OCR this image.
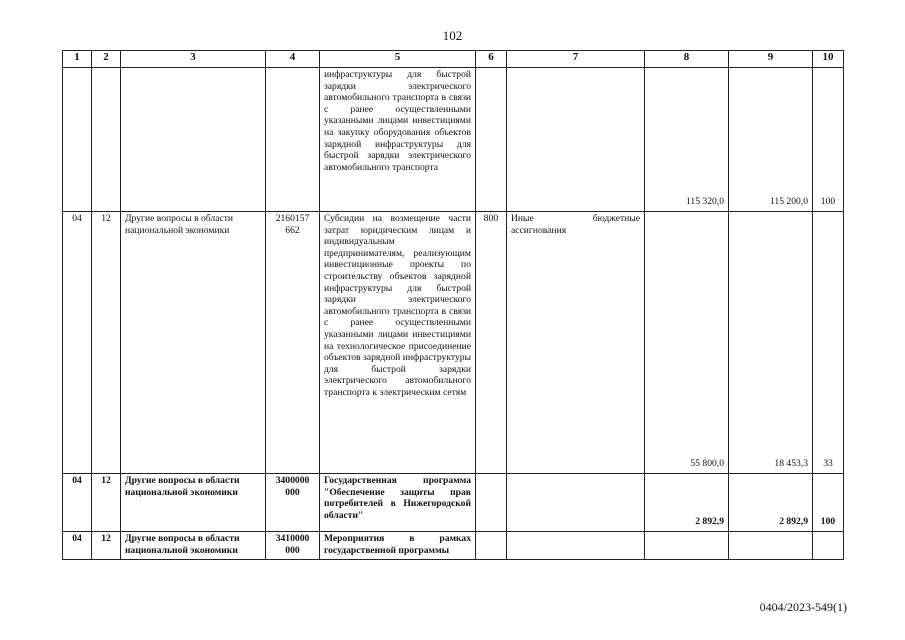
102
1	2	3	4	5	6	7	8	9	10
				инфраструктуры для быстрой зарядки электрического автомобильного транспорта в связи с ранее осуществленными указанными лицами инвестициями на закупку оборудования объектов зарядной инфраструктуры для быстрой зарядки электрического автомобильного транспорта			115 320,0	115 200,0	100
04	12	Другие вопросы в области национальной экономики	2160157 662	Субсидии на возмещение части затрат юридическим лицам и индивидуальным предпринимателям, реализующим инвестиционные проекты по строительству объектов зарядной инфраструктуры для быстрой зарядки электрического автомобильного транспорта в связи с ранее осуществленными указанными лицами инвестициями на технологическое присоединение объектов зарядной инфраструктуры для быстрой зарядки электрического автомобильного транспорта к электрическим сетям	800	Иные бюджетные ассигнования	55 800,0	18 453,3	33
04	12	Другие вопросы в области национальной экономики	3400000 000	Государственная программа "Обеспечение защиты прав потребителей в Нижегородской области"			2 892,9	2 892,9	100
04	12	Другие вопросы в области национальной экономики	3410000 000	Мероприятия в рамках государственной программы					
0404/2023-549(1)
